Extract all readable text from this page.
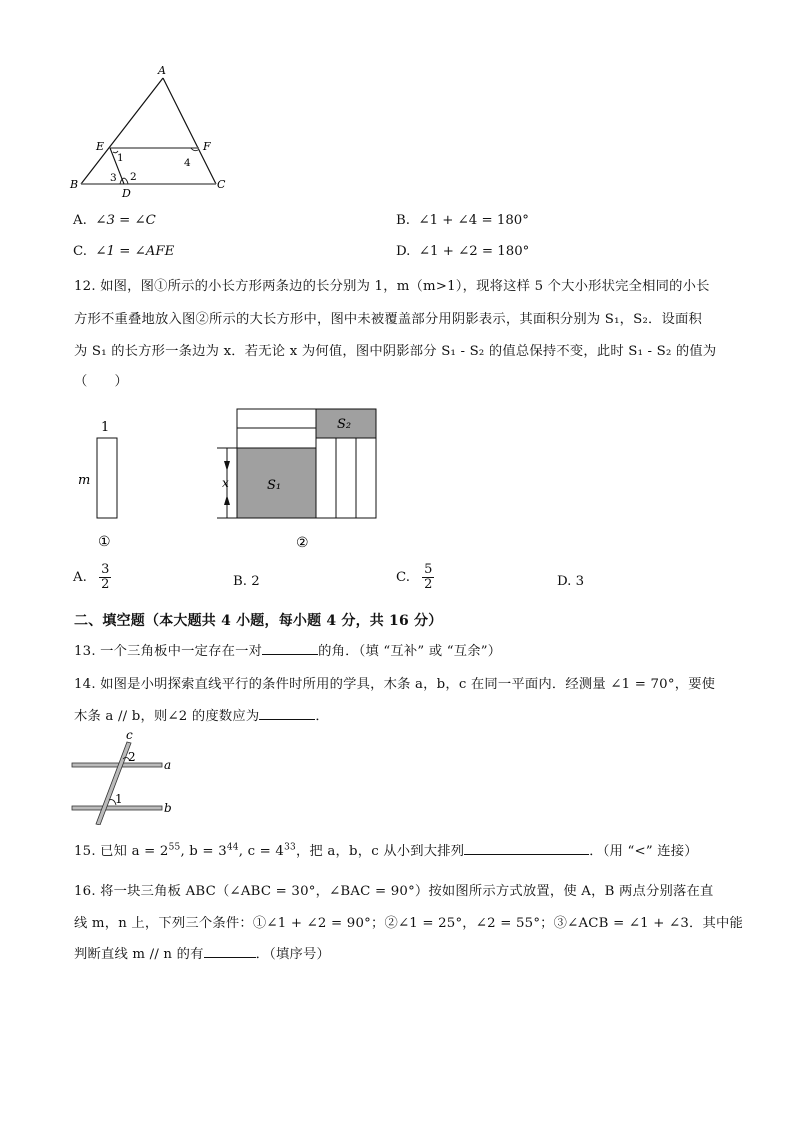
A
B	C
D
E	F
1
2
3
4
A. ∠3 = ∠C	B. ∠1 + ∠4 = 180°
C. ∠1 = ∠AFE	D. ∠1 + ∠2 = 180°
12. 如图，图①所示的小长方形两条边的长分别为 1，m（m>1），现将这样 5 个大小形状完全相同的小长
方形不重叠地放入图②所示的大长方形中，图中未被覆盖部分用阴影表示，其面积分别为 S₁，S₂．设面积
为 S₁ 的长方形一条边为 x．若无论 x 为何值，图中阴影部分 S₁ - S₂ 的值总保持不变，此时 S₁ - S₂ 的值为
（　　）
1
m
①
x	S₁
S₂
②
A. $\frac{3}{2}$	B. 2	C. $\frac{5}{2}$	D. 3
二、填空题（本大题共 4 小题，每小题 4 分，共 16 分）
13. 一个三角板中一定存在一对	的角．（填 “互补” 或 “互余”）
14. 如图是小明探索直线平行的条件时所用的学具，木条 a，b，c 在同一平面内．经测量 ∠1 = 70°，要使
木条 a // b，则∠2 的度数应为	．
c
2
1
a
b
15. 已知 $a = 2^{55}$, $b = 3^{44}$, $c = 4^{33}$，把 a，b，c 从小到大排列	．（用 “<” 连接）
16. 将一块三角板 ABC（∠ABC = 30°，∠BAC = 90°）按如图所示方式放置，使 A，B 两点分别落在直
线 m，n 上，下列三个条件：①∠1 + ∠2 = 90°；②∠1 = 25°，∠2 = 55°；③∠ACB = ∠1 + ∠3．其中能
判断直线 m // n 的有	．（填序号）
